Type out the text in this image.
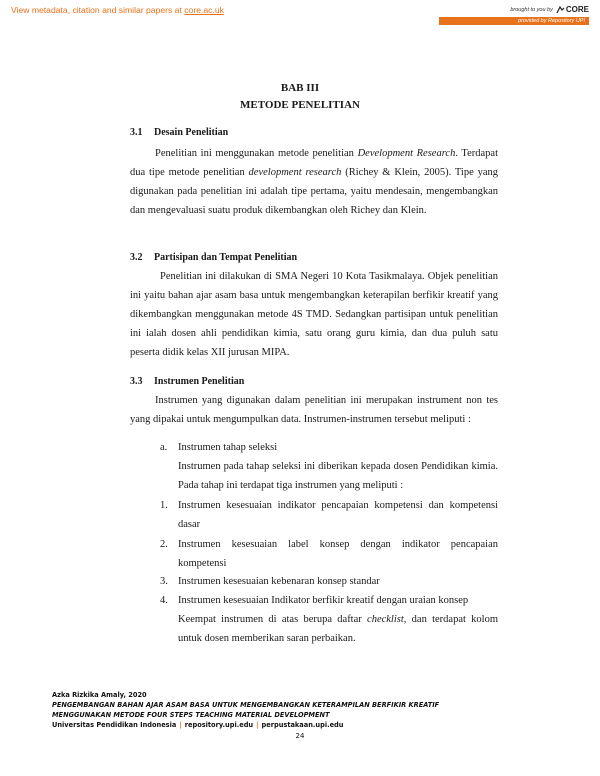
View metadata, citation and similar papers at core.ac.uk	brought to you by CORE
provided by Repository UPI
BAB III
METODE PENELITIAN
3.1 Desain Penelitian
Penelitian ini menggunakan metode penelitian Development Research. Terdapat dua tipe metode penelitian development research (Richey & Klein, 2005). Tipe yang digunakan pada penelitian ini adalah tipe pertama, yaitu mendesain, mengembangkan dan mengevaluasi suatu produk dikembangkan oleh Richey dan Klein.
3.2 Partisipan dan Tempat Penelitian
Penelitian ini dilakukan di SMA Negeri 10 Kota Tasikmalaya. Objek penelitian ini yaitu bahan ajar asam basa untuk mengembangkan keterapilan berfikir kreatif yang dikembangkan menggunakan metode 4S TMD. Sedangkan partisipan untuk penelitian ini ialah dosen ahli pendidikan kimia, satu orang guru kimia, dan dua puluh satu peserta didik kelas XII jurusan MIPA.
3.3 Instrumen Penelitian
Instrumen yang digunakan dalam penelitian ini merupakan instrument non tes yang dipakai untuk mengumpulkan data. Instrumen-instrumen tersebut meliputi :
a. Instrumen tahap seleksi
Instrumen pada tahap seleksi ini diberikan kepada dosen Pendidikan kimia. Pada tahap ini terdapat tiga instrumen yang meliputi :
1. Instrumen kesesuaian indikator pencapaian kompetensi dan kompetensi dasar
2. Instrumen kesesuaian label konsep dengan indikator pencapaian kompetensi
3. Instrumen kesesuaian kebenaran konsep standar
4. Instrumen kesesuaian Indikator berfikir kreatif dengan uraian konsep
Keempat instrumen di atas berupa daftar checklist, dan terdapat kolom untuk dosen memberikan saran perbaikan.
Azka Rizkika Amaly, 2020
PENGEMBANGAN BAHAN AJAR ASAM BASA UNTUK MENGEMBANGKAN KETERAMPILAN BERFIKIR KREATIF
MENGGUNAKAN METODE FOUR STEPS TEACHING MATERIAL DEVELOPMENT
Universitas Pendidikan Indonesia | repository.upi.edu | perpustakaan.upi.edu
24
